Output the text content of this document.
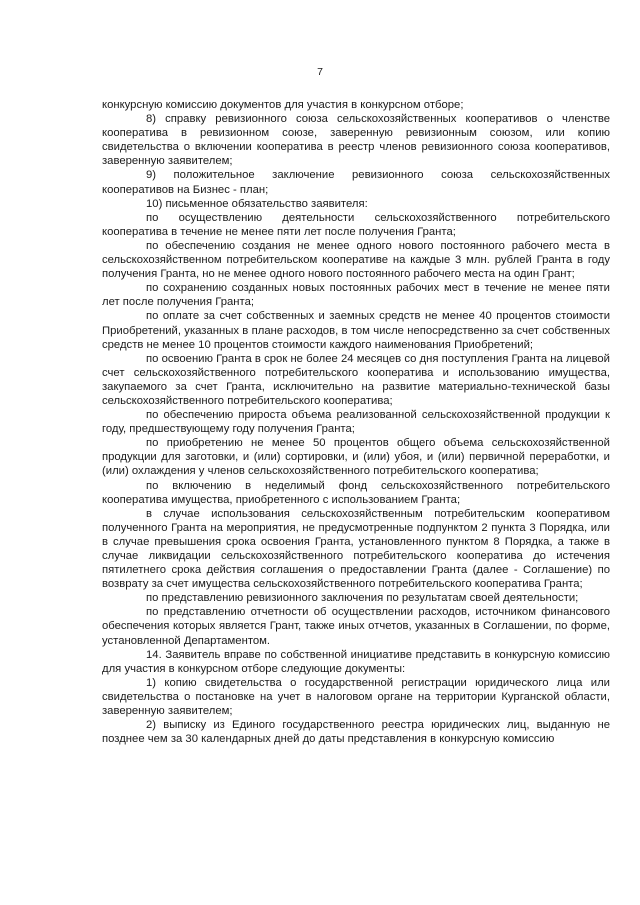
7

конкурсную комиссию документов для участия в конкурсном отборе;

8) справку ревизионного союза сельскохозяйственных кооперативов о членстве кооператива в ревизионном союзе, заверенную ревизионным союзом, или копию свидетельства о включении кооператива в реестр членов ревизионного союза кооперативов, заверенную заявителем;

9) положительное заключение ревизионного союза сельскохозяйственных кооперативов на Бизнес - план;

10) письменное обязательство заявителя:

по осуществлению деятельности сельскохозяйственного потребительского кооператива в течение не менее пяти лет после получения Гранта;

по обеспечению создания не менее одного нового постоянного рабочего места в сельскохозяйственном потребительском кооперативе на каждые 3 млн. рублей Гранта в году получения Гранта, но не менее одного нового постоянного рабочего места на один Грант;

по сохранению созданных новых постоянных рабочих мест в течение не менее пяти лет после получения Гранта;

по оплате за счет собственных и заемных средств не менее 40 процентов стоимости Приобретений, указанных в плане расходов, в том числе непосредственно за счет собственных средств не менее 10 процентов стоимости каждого наименования Приобретений;

по освоению Гранта в срок не более 24 месяцев со дня поступления Гранта на лицевой счет сельскохозяйственного потребительского кооператива и использованию имущества, закупаемого за счет Гранта, исключительно на развитие материально-технической базы сельскохозяйственного потребительского кооператива;

по обеспечению прироста объема реализованной сельскохозяйственной продукции к году, предшествующему году получения Гранта;

по приобретению не менее 50 процентов общего объема сельскохозяйственной продукции для заготовки, и (или) сортировки, и (или) убоя, и (или) первичной переработки, и (или) охлаждения у членов сельскохозяйственного потребительского кооператива;

по включению в неделимый фонд сельскохозяйственного потребительского кооператива имущества, приобретенного с использованием Гранта;

в случае использования сельскохозяйственным потребительским кооперативом полученного Гранта на мероприятия, не предусмотренные подпунктом 2 пункта 3 Порядка, или в случае превышения срока освоения Гранта, установленного пунктом 8 Порядка, а также в случае ликвидации сельскохозяйственного потребительского кооператива до истечения пятилетнего срока действия соглашения о предоставлении Гранта (далее - Соглашение) по возврату за счет имущества сельскохозяйственного потребительского кооператива Гранта;

по представлению ревизионного заключения по результатам своей деятельности;

по представлению отчетности об осуществлении расходов, источником финансового обеспечения которых является Грант, также иных отчетов, указанных в Соглашении, по форме, установленной Департаментом.

14. Заявитель вправе по собственной инициативе представить в конкурсную комиссию для участия в конкурсном отборе следующие документы:

1) копию свидетельства о государственной регистрации юридического лица или свидетельства о постановке на учет в налоговом органе на территории Курганской области, заверенную заявителем;

2) выписку из Единого государственного реестра юридических лиц, выданную не позднее чем за 30 календарных дней до даты представления в конкурсную комиссию
